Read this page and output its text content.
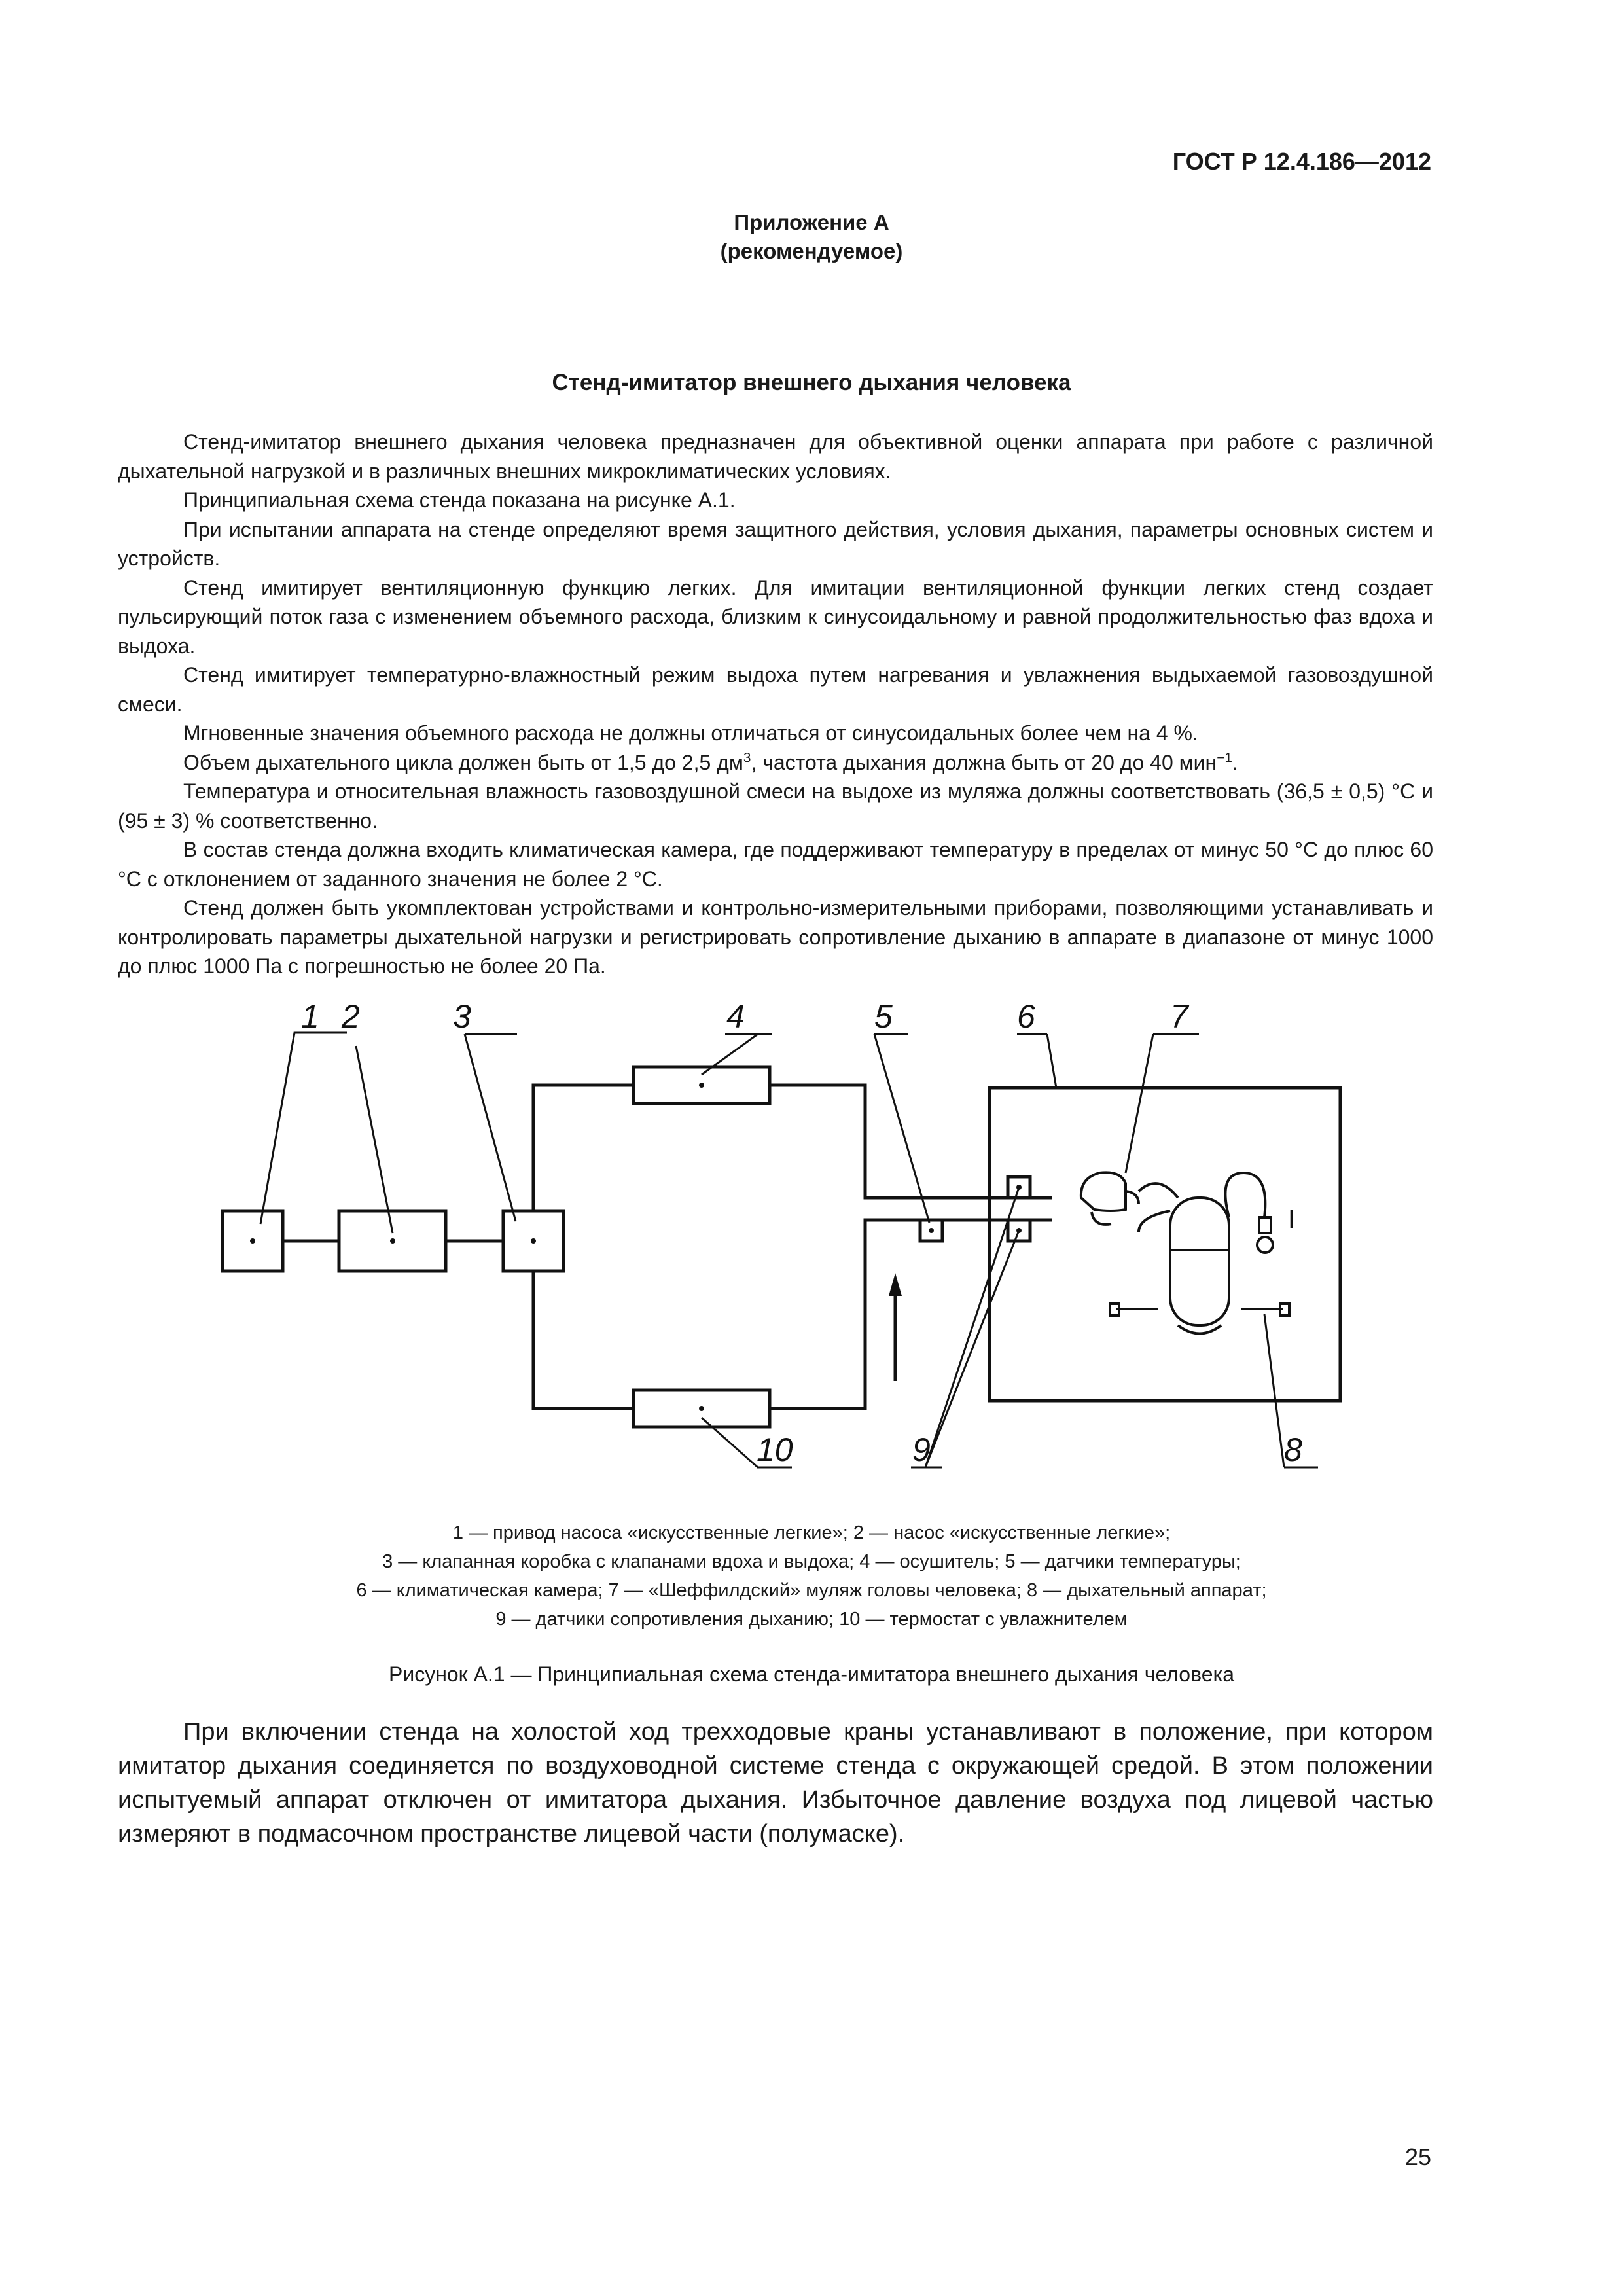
ГОСТ Р 12.4.186—2012
Приложение А
(рекомендуемое)
Стенд-имитатор внешнего дыхания человека

Стенд-имитатор внешнего дыхания человека предназначен для объективной оценки аппарата при работе с различной дыхательной нагрузкой и в различных внешних микроклиматических условиях.

Принципиальная схема стенда показана на рисунке А.1.

При испытании аппарата на стенде определяют время защитного действия, условия дыхания, параметры основных систем и устройств.

Стенд имитирует вентиляционную функцию легких. Для имитации вентиляционной функции легких стенд создает пульсирующий поток газа с изменением объемного расхода, близким к синусоидальному и равной продолжительностью фаз вдоха и выдоха.

Стенд имитирует температурно-влажностный режим выдоха путем нагревания и увлажнения выдыхаемой газовоздушной смеси.

Мгновенные значения объемного расхода не должны отличаться от синусоидальных более чем на 4 %.

Объем дыхательного цикла должен быть от 1,5 до 2,5 $дм^3$, частота дыхания должна быть от 20 до 40 мин$^{-1}$.

Температура и относительная влажность газовоздушной смеси на выдохе из муляжа должны соответствовать (36,5 ± 0,5) °С и (95 ± 3) % соответственно.

В состав стенда должна входить климатическая камера, где поддерживают температуру в пределах от минус 50 °С до плюс 60 °С с отклонением от заданного значения не более 2 °С.

Стенд должен быть укомплектован устройствами и контрольно-измерительными приборами, позволяющими устанавливать и контролировать параметры дыхательной нагрузки и регистрировать сопротивление дыханию в аппарате в диапазоне от минус 1000 до плюс 1000 Па с погрешностью не более 20 Па.

1 2	3	4	5	6	7
8
9
10
I
1 — привод насоса «искусственные легкие»; 2 — насос «искусственные легкие»;
3 — клапанная коробка с клапанами вдоха и выдоха; 4 — осушитель; 5 — датчики температуры;
6 — климатическая камера; 7 — «Шеффилдский» муляж головы человека; 8 — дыхательный аппарат;
9 — датчики сопротивления дыханию; 10 — термостат с увлажнителем
Рисунок А.1 — Принципиальная схема стенда-имитатора внешнего дыхания человека

При включении стенда на холостой ход трехходовые краны устанавливают в положение, при котором имитатор дыхания соединяется по воздуховодной системе стенда с окружающей средой. В этом положении испытуемый аппарат отключен от имитатора дыхания. Избыточное давление воздуха под лицевой частью измеряют в подмасочном пространстве лицевой части (полумаске).

25
